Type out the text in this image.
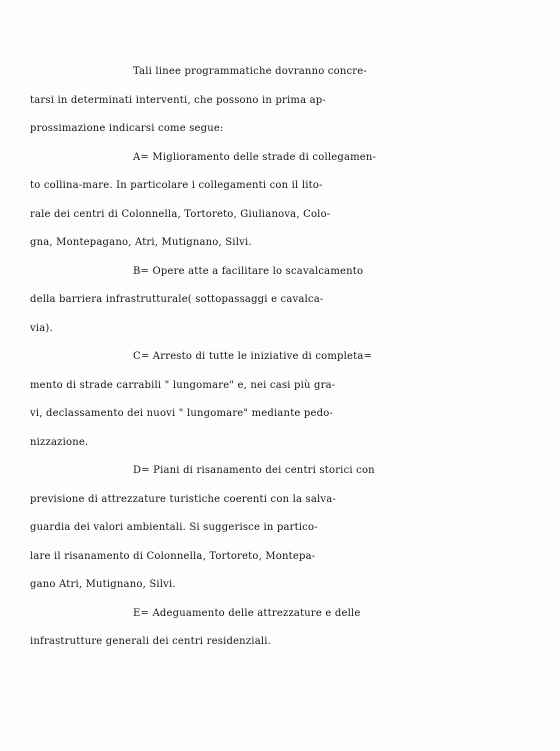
Tali linee programmatiche dovranno concre-
tarsi in determinati interventi, che possono in prima ap-
prossimazione indicarsi come segue:
A= Miglioramento delle strade di collegamen-
to collina-mare. In particolare i collegamenti con il lito-
rale dei centri di Colonnella, Tortoreto, Giulianova, Colo-
gna, Montepagano, Atri, Mutignano, Silvi.
B= Opere atte a facilitare lo scavalcamento
della barriera infrastrutturale( sottopassaggi e cavalca-
via).
C= Arresto di tutte le iniziative di completa=
mento di strade carrabili " lungomare" e, nei casi più gra-
vi, declassamento dei nuovi " lungomare" mediante pedo-
nizzazione.
D= Piani di risanamento dei centri storici con
previsione di attrezzature turistiche coerenti con la salva-
guardia dei valori ambientali. Si suggerisce in partico-
lare il risanamento di Colonnella, Tortoreto, Montepa-
gano Atri, Mutignano, Silvi.
E= Adeguamento delle attrezzature e delle
infrastrutture generali dei centri residenziali.
